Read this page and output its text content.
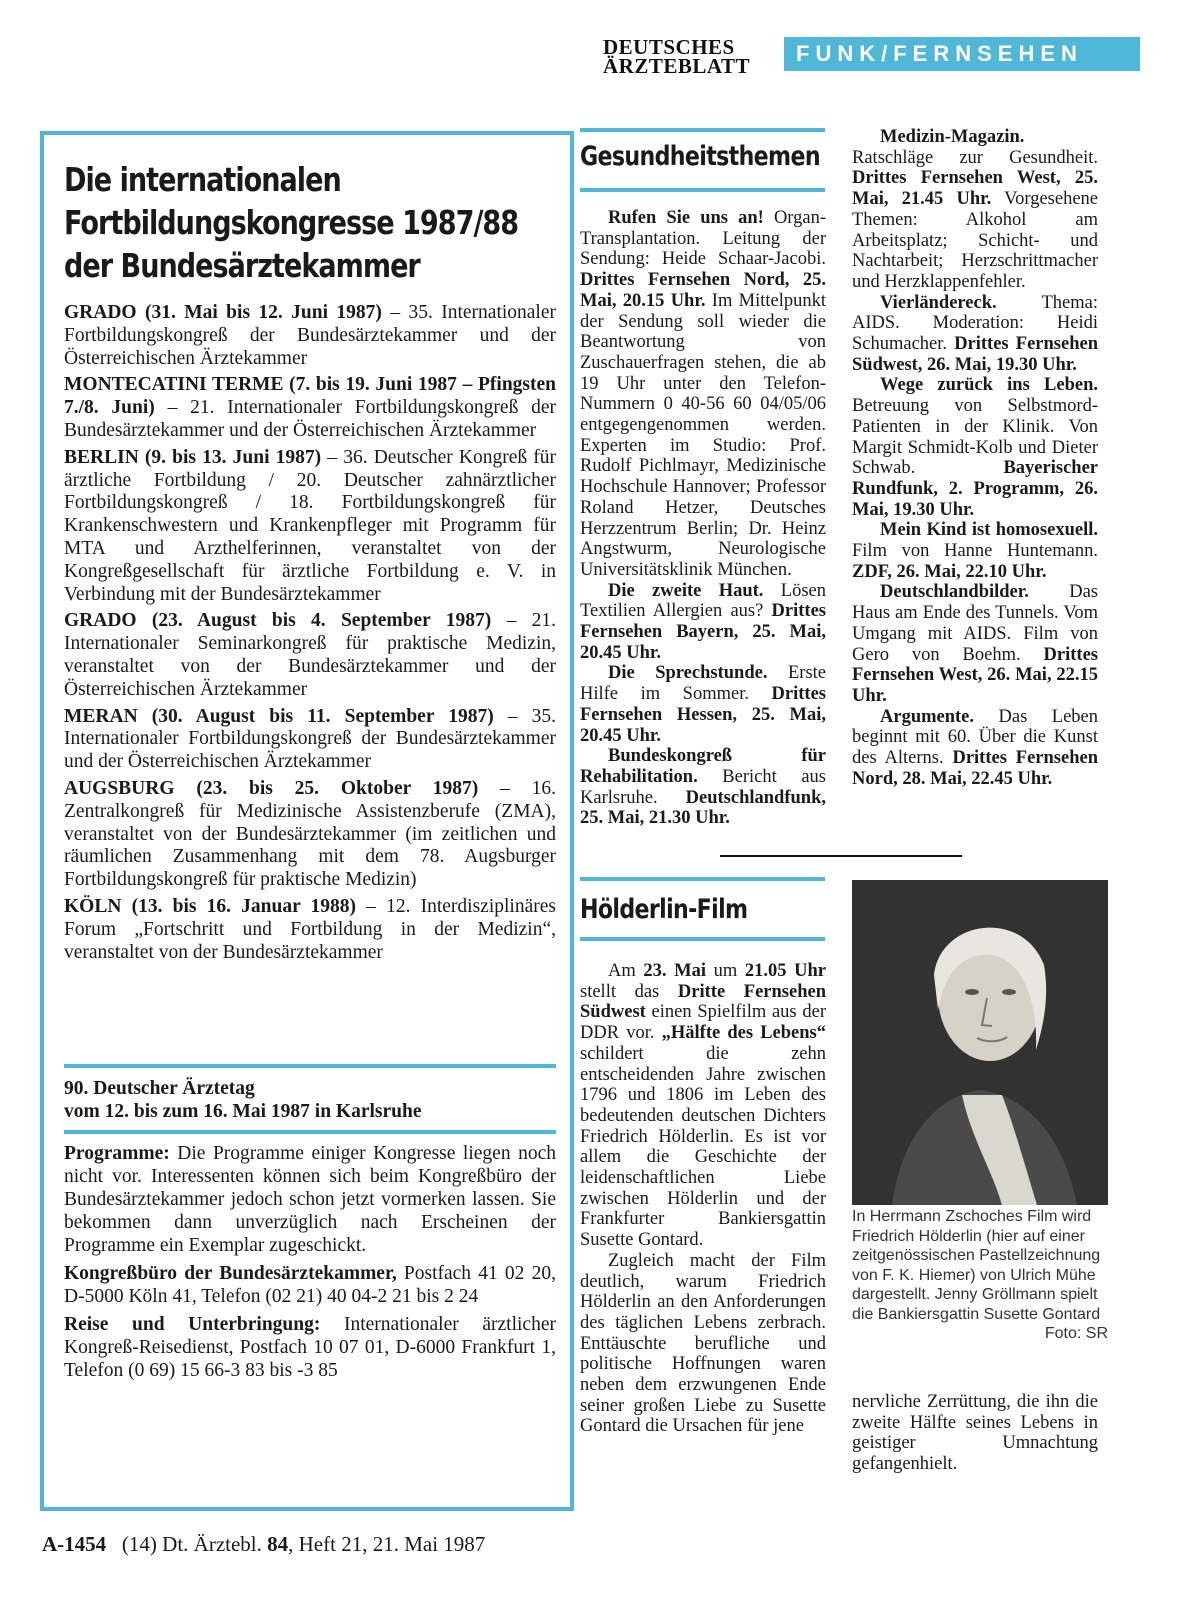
DEUTSCHES
ÄRZTEBLATT	FUNK/FERNSEHEN
Die internationalen
Fortbildungskongresse 1987/88
der Bundesärztekammer

GRADO (31. Mai bis 12. Juni 1987) – 35. Internationaler Fortbildungskongreß der Bundesärztekammer und der Österreichischen Ärztekammer

MONTECATINI TERME (7. bis 19. Juni 1987 – Pfingsten 7./8. Juni) – 21. Internationaler Fortbildungskongreß der Bundesärztekammer und der Österreichischen Ärztekammer

BERLIN (9. bis 13. Juni 1987) – 36. Deutscher Kongreß für ärztliche Fortbildung / 20. Deutscher zahnärztlicher Fortbildungskongreß / 18. Fortbildungskongreß für Krankenschwestern und Krankenpfleger mit Programm für MTA und Arzthelferinnen, veranstaltet von der Kongreßgesellschaft für ärztliche Fortbildung e. V. in Verbindung mit der Bundesärztekammer

GRADO (23. August bis 4. September 1987) – 21. Internationaler Seminarkongreß für praktische Medizin, veranstaltet von der Bundesärztekammer und der Österreichischen Ärztekammer

MERAN (30. August bis 11. September 1987) – 35. Internationaler Fortbildungskongreß der Bundesärztekammer und der Österreichischen Ärztekammer

AUGSBURG (23. bis 25. Oktober 1987) – 16. Zentralkongreß für Medizinische Assistenzberufe (ZMA), veranstaltet von der Bundesärztekammer (im zeitlichen und räumlichen Zusammenhang mit dem 78. Augsburger Fortbildungskongreß für praktische Medizin)

KÖLN (13. bis 16. Januar 1988) – 12. Interdisziplinäres Forum „Fortschritt und Fortbildung in der Medizin“, veranstaltet von der Bundesärztekammer

90. Deutscher Ärztetag
vom 12. bis zum 16. Mai 1987 in Karlsruhe

Programme: Die Programme einiger Kongresse liegen noch nicht vor. Interessenten können sich beim Kongreßbüro der Bundesärztekammer jedoch schon jetzt vormerken lassen. Sie bekommen dann unverzüglich nach Erscheinen der Programme ein Exemplar zugeschickt.

Kongreßbüro der Bundesärztekammer, Postfach 41 02 20, D-5000 Köln 41, Telefon (02 21) 40 04-2 21 bis 2 24

Reise und Unterbringung: Internationaler ärztlicher Kongreß-Reisedienst, Postfach 10 07 01, D-6000 Frankfurt 1, Telefon (0 69) 15 66-3 83 bis -3 85

Gesundheitsthemen

Rufen Sie uns an! Organ-Transplantation. Leitung der Sendung: Heide Schaar-Jacobi. Drittes Fernsehen Nord, 25. Mai, 20.15 Uhr. Im Mittelpunkt der Sendung soll wieder die Beantwortung von Zuschauerfragen stehen, die ab 19 Uhr unter den Telefon-Nummern 0 40-56 60 04/05/06 entgegengenommen werden. Experten im Studio: Prof. Rudolf Pichlmayr, Medizinische Hochschule Hannover; Professor Roland Hetzer, Deutsches Herzzentrum Berlin; Dr. Heinz Angstwurm, Neurologische Universitätsklinik München.

Die zweite Haut. Lösen Textilien Allergien aus? Drittes Fernsehen Bayern, 25. Mai, 20.45 Uhr.

Die Sprechstunde. Erste Hilfe im Sommer. Drittes Fernsehen Hessen, 25. Mai, 20.45 Uhr.

Bundeskongreß für Rehabilitation. Bericht aus Karlsruhe. Deutschlandfunk, 25. Mai, 21.30 Uhr.

Medizin-Magazin. Ratschläge zur Gesundheit. Drittes Fernsehen West, 25. Mai, 21.45 Uhr. Vorgesehene Themen: Alkohol am Arbeitsplatz; Schicht- und Nachtarbeit; Herzschrittmacher und Herzklappenfehler.

Vierländereck. Thema: AIDS. Moderation: Heidi Schumacher. Drittes Fernsehen Südwest, 26. Mai, 19.30 Uhr.

Wege zurück ins Leben. Betreuung von Selbstmord-Patienten in der Klinik. Von Margit Schmidt-Kolb und Dieter Schwab. Bayerischer Rundfunk, 2. Programm, 26. Mai, 19.30 Uhr.

Mein Kind ist homosexuell. Film von Hanne Huntemann. ZDF, 26. Mai, 22.10 Uhr.

Deutschlandbilder. Das Haus am Ende des Tunnels. Vom Umgang mit AIDS. Film von Gero von Boehm. Drittes Fernsehen West, 26. Mai, 22.15 Uhr.

Argumente. Das Leben beginnt mit 60. Über die Kunst des Alterns. Drittes Fernsehen Nord, 28. Mai, 22.45 Uhr.

Hölderlin-Film

Am 23. Mai um 21.05 Uhr stellt das Dritte Fernsehen Südwest einen Spielfilm aus der DDR vor. „Hälfte des Lebens“ schildert die zehn entscheidenden Jahre zwischen 1796 und 1806 im Leben des bedeutenden deutschen Dichters Friedrich Hölderlin. Es ist vor allem die Geschichte der leidenschaftlichen Liebe zwischen Hölderlin und der Frankfurter Bankiersgattin Susette Gontard.

Zugleich macht der Film deutlich, warum Friedrich Hölderlin an den Anforderungen des täglichen Lebens zerbrach. Enttäuschte berufliche und politische Hoffnungen waren neben dem erzwungenen Ende seiner großen Liebe zu Susette Gontard die Ursachen für jene

In Herrmann Zschoches Film wird Friedrich Hölderlin (hier auf einer zeitgenössischen Pastellzeichnung von F. K. Hiemer) von Ulrich Mühe dargestellt. Jenny Gröllmann spielt die Bankiersgattin Susette Gontard
Foto: SR

nervliche Zerrüttung, die ihn die zweite Hälfte seines Lebens in geistiger Umnachtung gefangenhielt.

A-1454 (14) Dt. Ärztebl. 84, Heft 21, 21. Mai 1987
